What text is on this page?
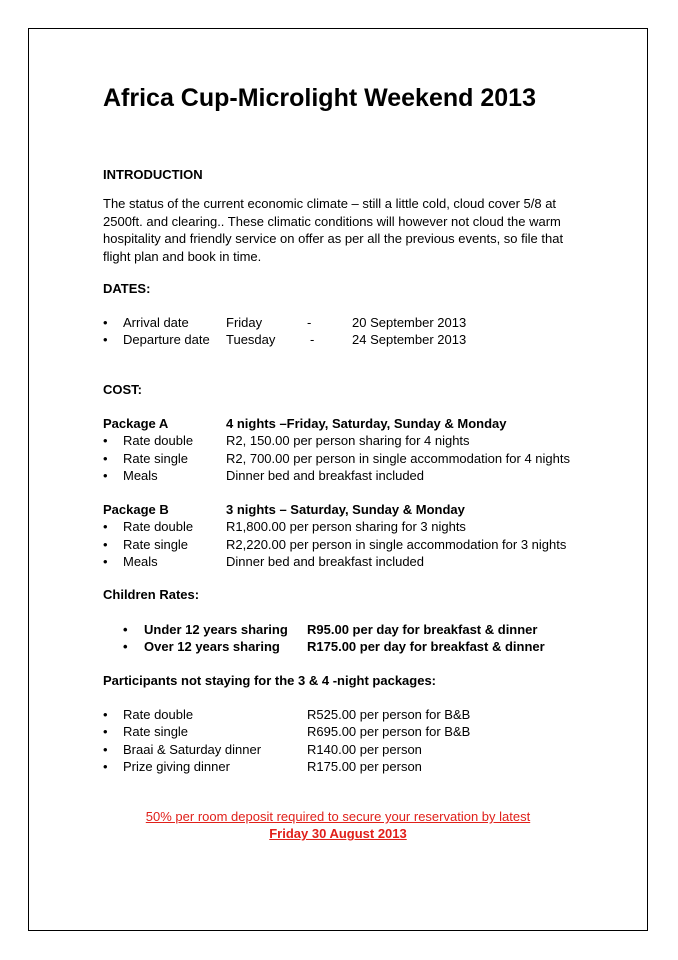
Africa Cup-Microlight Weekend 2013
INTRODUCTION
The status of the current economic climate – still a little cold, cloud cover 5/8 at
2500ft. and clearing.. These climatic conditions will however not cloud the warm
hospitality and friendly service on offer as per all the previous events, so file that
flight plan and book in time.
DATES:
• Arrival date	Friday	-	20 September 2013
• Departure date Tuesday	-	24 September 2013
COST:
Package A	4 nights –Friday, Saturday, Sunday & Monday
• Rate double	R2, 150.00 per person sharing for 4 nights
• Rate single	R2, 700.00 per person in single accommodation for 4 nights
• Meals	Dinner bed and breakfast included
Package B	3 nights – Saturday, Sunday & Monday
• Rate double	R1,800.00 per person sharing for 3 nights
• Rate single	R2,220.00 per person in single accommodation for 3 nights
• Meals	Dinner bed and breakfast included
Children Rates:
• Under 12 years sharing R95.00 per day for breakfast & dinner
• Over 12 years sharing R175.00 per day for breakfast & dinner
Participants not staying for the 3 & 4 -night packages:
• Rate double	R525.00 per person for B&B
• Rate single	R695.00 per person for B&B
• Braai & Saturday dinner	R140.00 per person
• Prize giving dinner	R175.00 per person
50% per room deposit required to secure your reservation by latest
Friday 30 August 2013
